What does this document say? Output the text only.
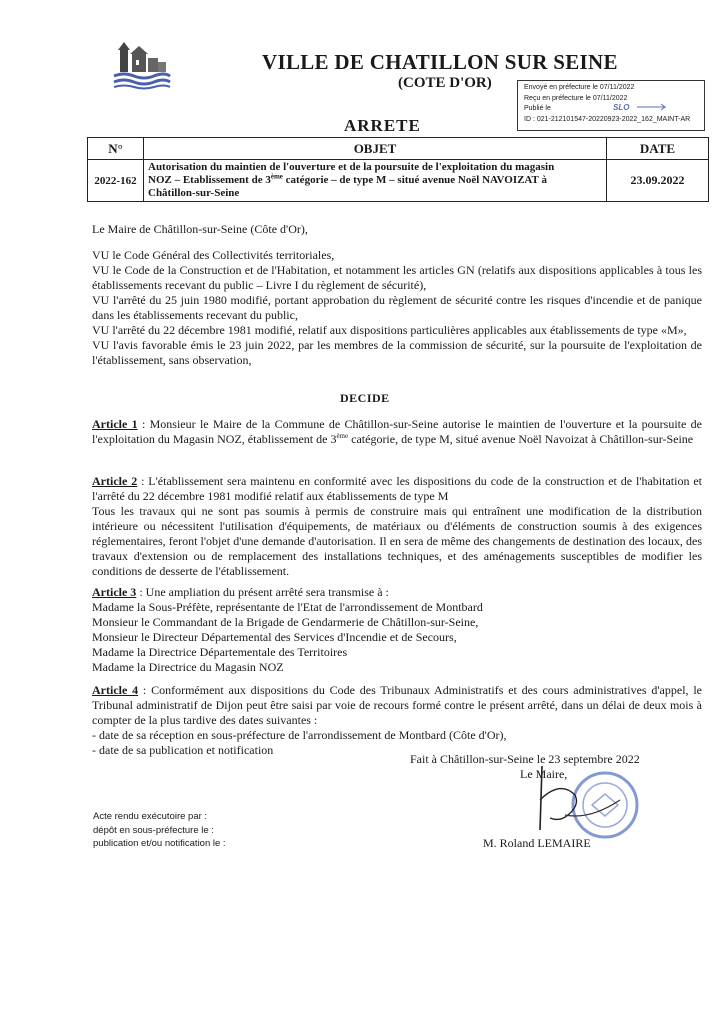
VILLE DE CHATILLON SUR SEINE
(COTE D'OR)	Envoyé en préfecture le 07/11/2022
Reçu en préfecture le 07/11/2022
Publié le
ID : 021-212101547-20220923-2022_162_MAINT-AR
SLO
ARRETE
N°	OBJET	DATE
2022-162	Autorisation du maintien de l'ouverture et de la poursuite de l'exploitation du magasin
NOZ – Etablissement de 3ème catégorie – de type M – situé avenue Noël NAVOIZAT à
Châtillon-sur-Seine	23.09.2022
Le Maire de Châtillon-sur-Seine (Côte d'Or),
VU le Code Général des Collectivités territoriales,
VU le Code de la Construction et de l'Habitation, et notamment les articles GN (relatifs aux dispositions applicables à tous les établissements recevant du public – Livre I du règlement de sécurité),
VU l'arrêté du 25 juin 1980 modifié, portant approbation du règlement de sécurité contre les risques d'incendie et de panique dans les établissements recevant du public,
VU l'arrêté du 22 décembre 1981 modifié, relatif aux dispositions particulières applicables aux établissements de type «M»,
VU l'avis favorable émis le 23 juin 2022, par les membres de la commission de sécurité, sur la poursuite de l'exploitation de l'établissement, sans observation,
DECIDE
Article 1 : Monsieur le Maire de la Commune de Châtillon-sur-Seine autorise le maintien de l'ouverture et la poursuite de l'exploitation du Magasin NOZ, établissement de 3ème catégorie, de type M, situé avenue Noël Navoizat à Châtillon-sur-Seine
Article 2 : L'établissement sera maintenu en conformité avec les dispositions du code de la construction et de l'habitation et l'arrêté du 22 décembre 1981 modifié relatif aux établissements de type M
Tous les travaux qui ne sont pas soumis à permis de construire mais qui entraînent une modification de la distribution intérieure ou nécessitent l'utilisation d'équipements, de matériaux ou d'éléments de construction soumis à des exigences réglementaires, feront l'objet d'une demande d'autorisation. Il en sera de même des changements de destination des locaux, des travaux d'extension ou de remplacement des installations techniques, et des aménagements susceptibles de modifier les conditions de desserte de l'établissement.
Article 3 : Une ampliation du présent arrêté sera transmise à :
Madame la Sous-Préfète, représentante de l'Etat de l'arrondissement de Montbard
Monsieur le Commandant de la Brigade de Gendarmerie de Châtillon-sur-Seine,
Monsieur le Directeur Départemental des Services d'Incendie et de Secours,
Madame la Directrice Départementale des Territoires
Madame la Directrice du Magasin NOZ
Article 4 : Conformément aux dispositions du Code des Tribunaux Administratifs et des cours administratives d'appel, le Tribunal administratif de Dijon peut être saisi par voie de recours formé contre le présent arrêté, dans un délai de deux mois à compter de la plus tardive des dates suivantes :
- date de sa réception en sous-préfecture de l'arrondissement de Montbard (Côte d'Or),
- date de sa publication et notification
Fait à Châtillon-sur-Seine le 23 septembre 2022
Le Maire,
M. Roland LEMAIRE
Acte rendu exécutoire par :
dépôt en sous-préfecture le :
publication et/ou notification le :
